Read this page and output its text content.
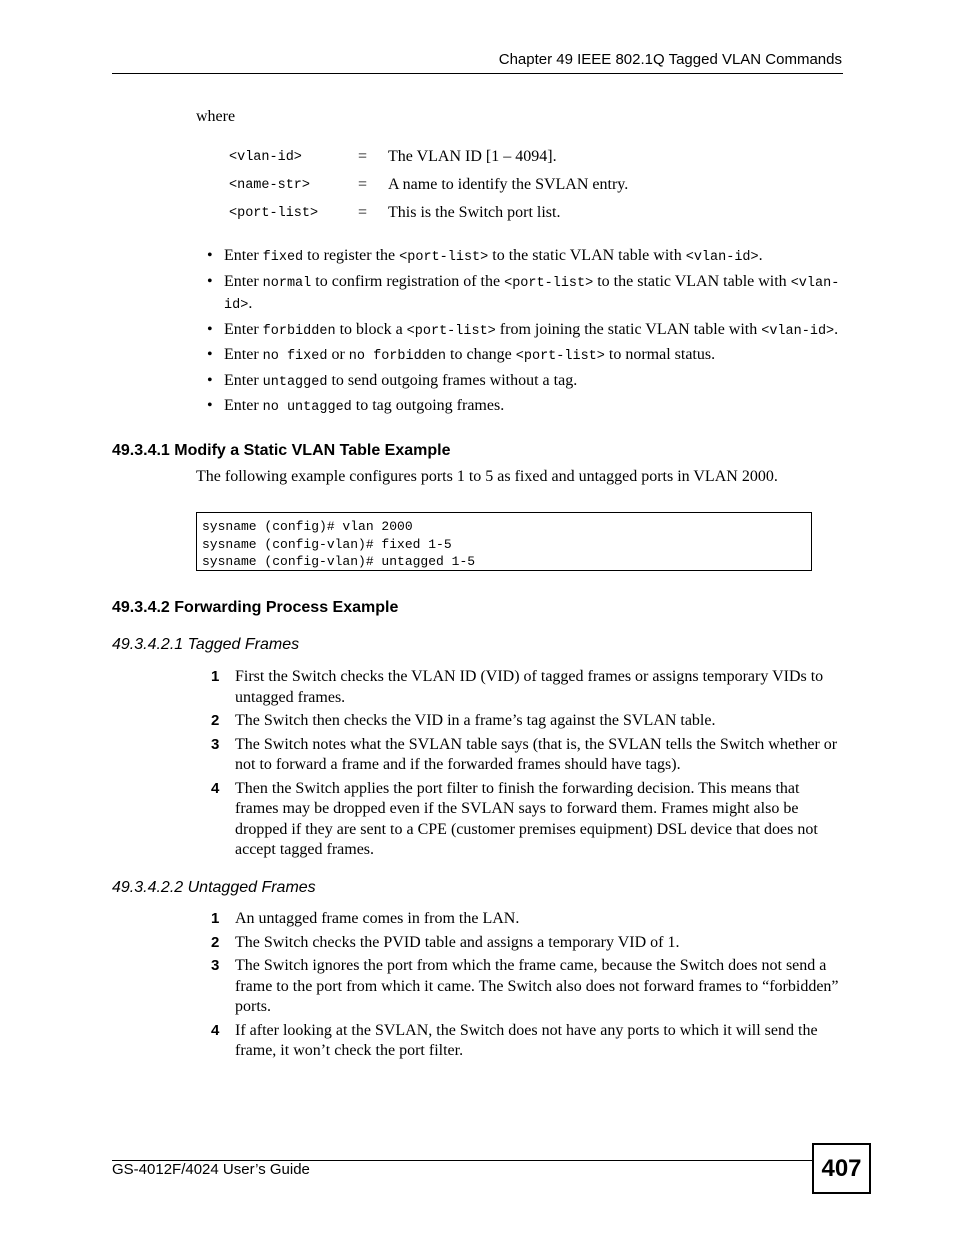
Chapter 49 IEEE 802.1Q Tagged VLAN Commands
where
<vlan-id>	= The VLAN ID [1 – 4094].
<name-str>	= A name to identify the SVLAN entry.
<port-list> = This is the Switch port list.
• Enter fixed to register the <port-list> to the static VLAN table with <vlan-id>.
• Enter normal to confirm registration of the <port-list> to the static VLAN table with <vlan-id>.
• Enter forbidden to block a <port-list> from joining the static VLAN table with <vlan-id>.
• Enter no fixed or no forbidden to change <port-list> to normal status.
• Enter untagged to send outgoing frames without a tag.
• Enter no untagged to tag outgoing frames.
49.3.4.1 Modify a Static VLAN Table Example
The following example configures ports 1 to 5 as fixed and untagged ports in VLAN 2000.
sysname (config)# vlan 2000
sysname (config-vlan)# fixed 1-5
sysname (config-vlan)# untagged 1-5
49.3.4.2 Forwarding Process Example
49.3.4.2.1 Tagged Frames
1 First the Switch checks the VLAN ID (VID) of tagged frames or assigns temporary VIDs to untagged frames.
2 The Switch then checks the VID in a frame’s tag against the SVLAN table.
3 The Switch notes what the SVLAN table says (that is, the SVLAN tells the Switch whether or not to forward a frame and if the forwarded frames should have tags).
4 Then the Switch applies the port filter to finish the forwarding decision. This means that frames may be dropped even if the SVLAN says to forward them. Frames might also be dropped if they are sent to a CPE (customer premises equipment) DSL device that does not accept tagged frames.
49.3.4.2.2 Untagged Frames
1 An untagged frame comes in from the LAN.
2 The Switch checks the PVID table and assigns a temporary VID of 1.
3 The Switch ignores the port from which the frame came, because the Switch does not send a frame to the port from which it came. The Switch also does not forward frames to “forbidden” ports.
4 If after looking at the SVLAN, the Switch does not have any ports to which it will send the frame, it won’t check the port filter.
GS-4012F/4024 User’s Guide	407
